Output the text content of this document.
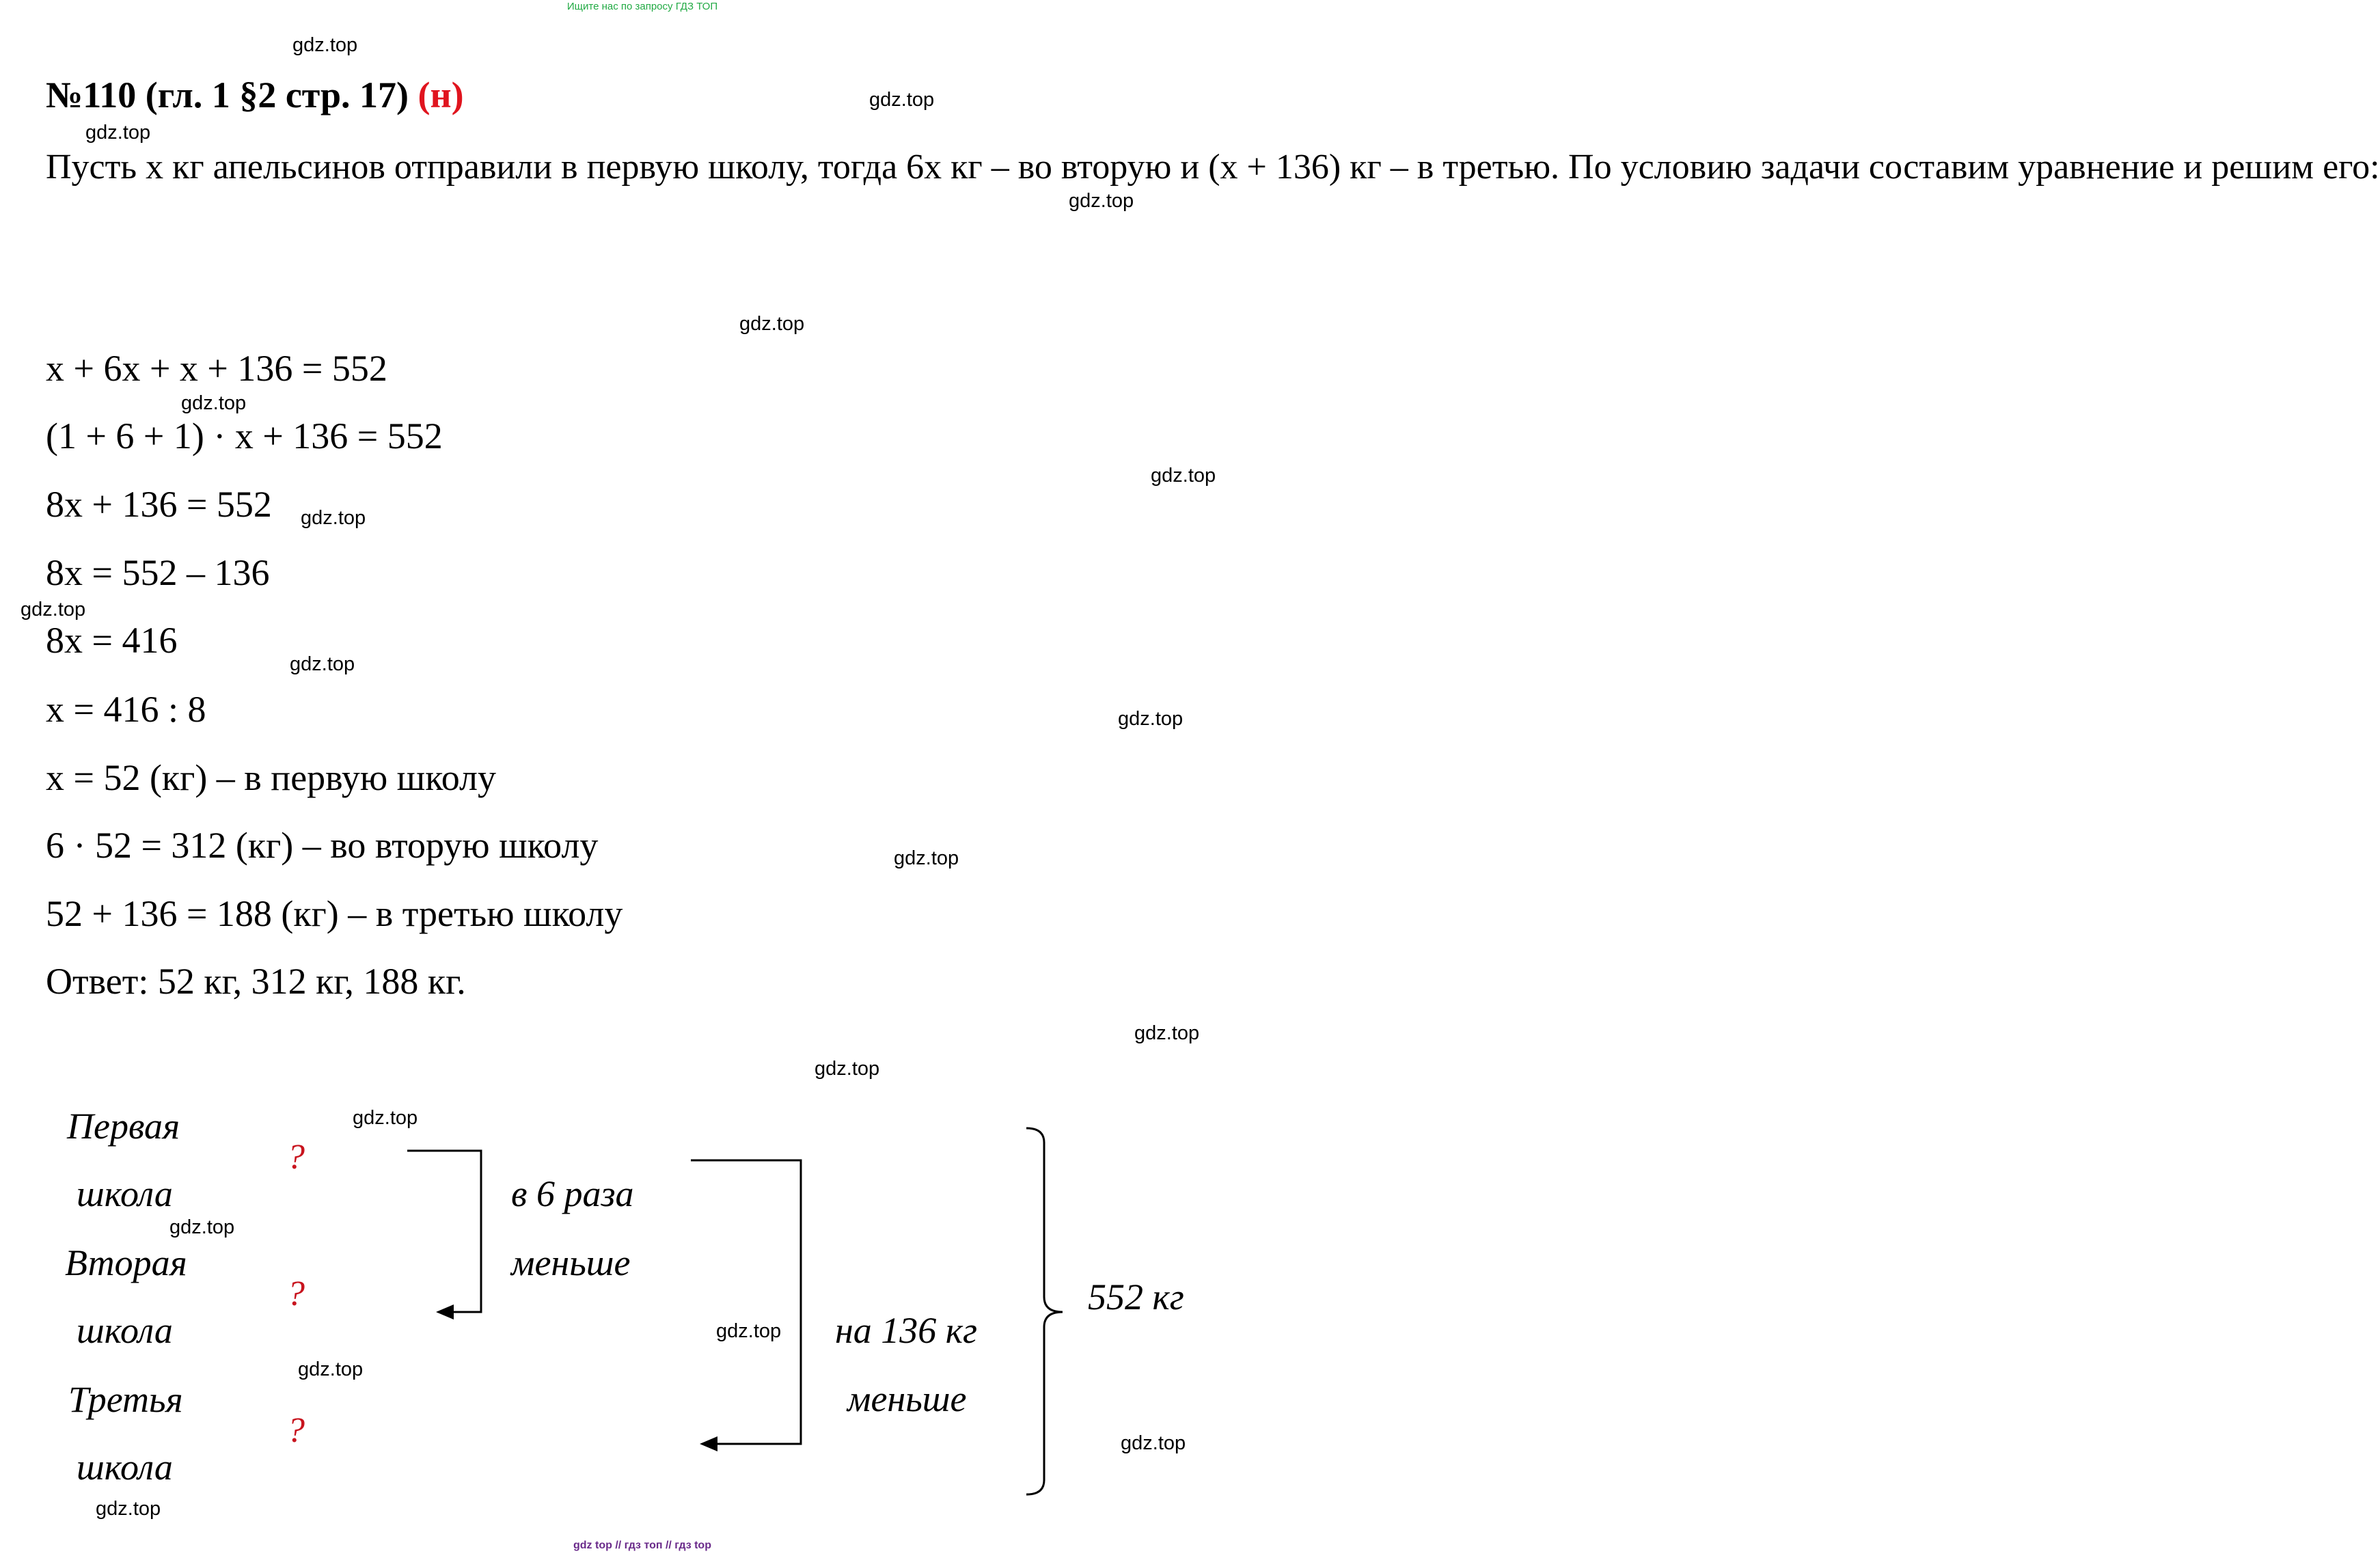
Ищите нас по запросу ГДЗ ТОП
№110 (гл. 1 §2 стр. 17) (н)
Пусть x кг апельсинов отправили в первую школу, тогда 6x кг – во вторую и (x + 136) кг – в третью. По условию задачи составим уравнение и решим его:
x + 6x + x + 136 = 552
(1 + 6 + 1) · x + 136 = 552
8x + 136 = 552
8x = 552 – 136
8x = 416
x = 416 : 8
x = 52 (кг) – в первую школу
6 · 52 = 312 (кг) – во вторую школу
52 + 136 = 188 (кг) – в третью школу
Ответ: 52 кг, 312 кг, 188 кг.
Первая
школа
Вторая
школа
Третья
школа
?
?
?
в 6 раза
меньше
на 136 кг
меньше
552 кг
gdz.top
gdz.top
gdz.top
gdz.top
gdz.top
gdz.top
gdz.top
gdz.top
gdz.top
gdz.top
gdz.top
gdz.top
gdz.top
gdz.top
gdz.top
gdz.top
gdz.top
gdz.top
gdz.top
gdz.top
gdz top // гдз топ // гдз top
